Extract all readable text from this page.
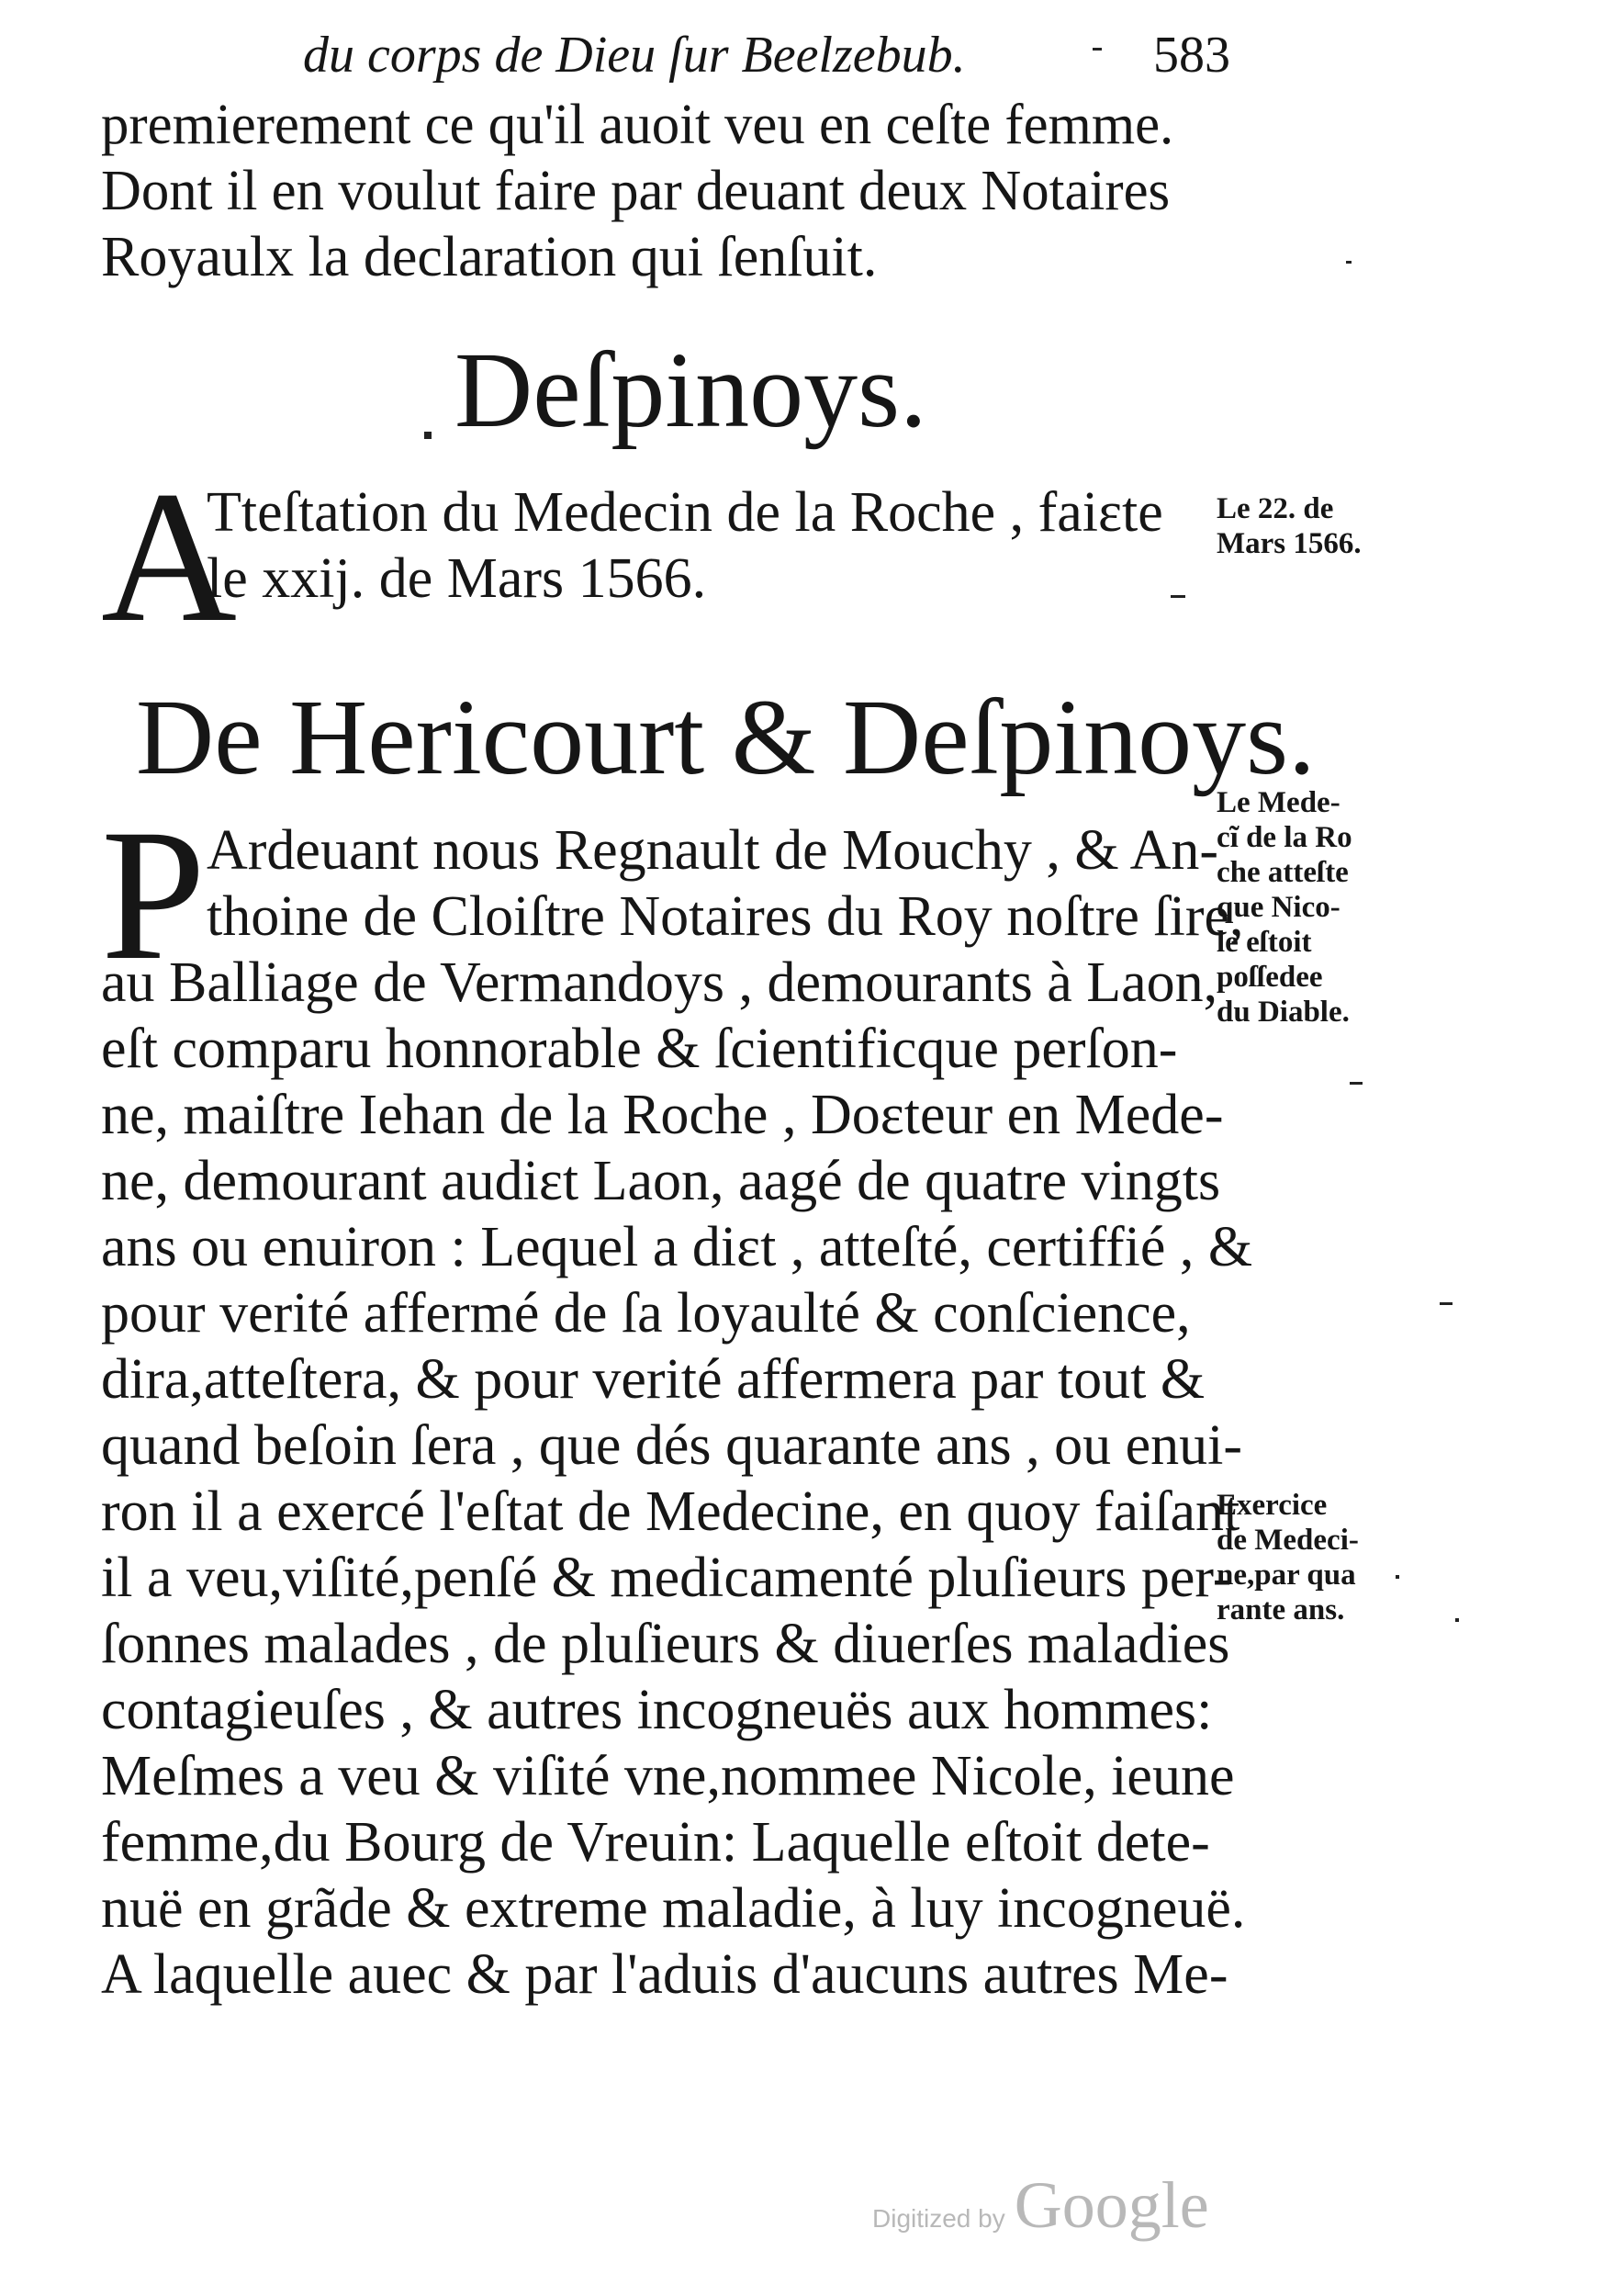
du corps de Dieu ſur Beelzebub.	583
premierement ce qu'il auoit veu en ceſte femme.
Dont il en voulut faire par deuant deux Notaires
Royaulx la declaration qui ſenſuit.
Deſpinoys.
A
Tteſtation du Medecin de la Roche , faiɛte
le xxij. de Mars 1566.
De Hericourt & Deſpinoys.
P Ardeuant nous Regnault de Mouchy , & An-
thoine de Cloiſtre Notaires du Roy noſtre ſire,
au Balliage de Vermandoys , demourants à Laon,
eſt comparu honnorable & ſcientificque perſon-
ne, maiſtre Iehan de la Roche , Doɛteur en Mede-
ne, demourant audiɛt Laon, aagé de quatre vingts
ans ou enuiron : Lequel a diɛt , atteſté, certiffié , &
pour verité affermé de ſa loyaulté & conſcience,
dira,atteſtera, & pour verité affermera par tout &
quand beſoin ſera , que dés quarante ans , ou enui-
ron il a exercé l'eſtat de Medecine, en quoy faiſant
il a veu,viſité,penſé & medicamenté pluſieurs per-
ſonnes malades , de pluſieurs & diuerſes maladies
contagieuſes , & autres incogneuës aux hommes:
Meſmes a veu & viſité vne,nommee Nicole, ieune
femme,du Bourg de Vreuin: Laquelle eſtoit dete-
nuë en grãde & extreme maladie, à luy incogneuë.
A laquelle auec & par l'aduis d'aucuns autres Me-
Le 22. de
Mars 1566.
Le Mede-
cĩ de la Ro
che atteſte
que Nico-
le eſtoit
poſſedee
du Diable.
Exercice
de Medeci-
ne,par qua
rante ans.
Digitized by Google
